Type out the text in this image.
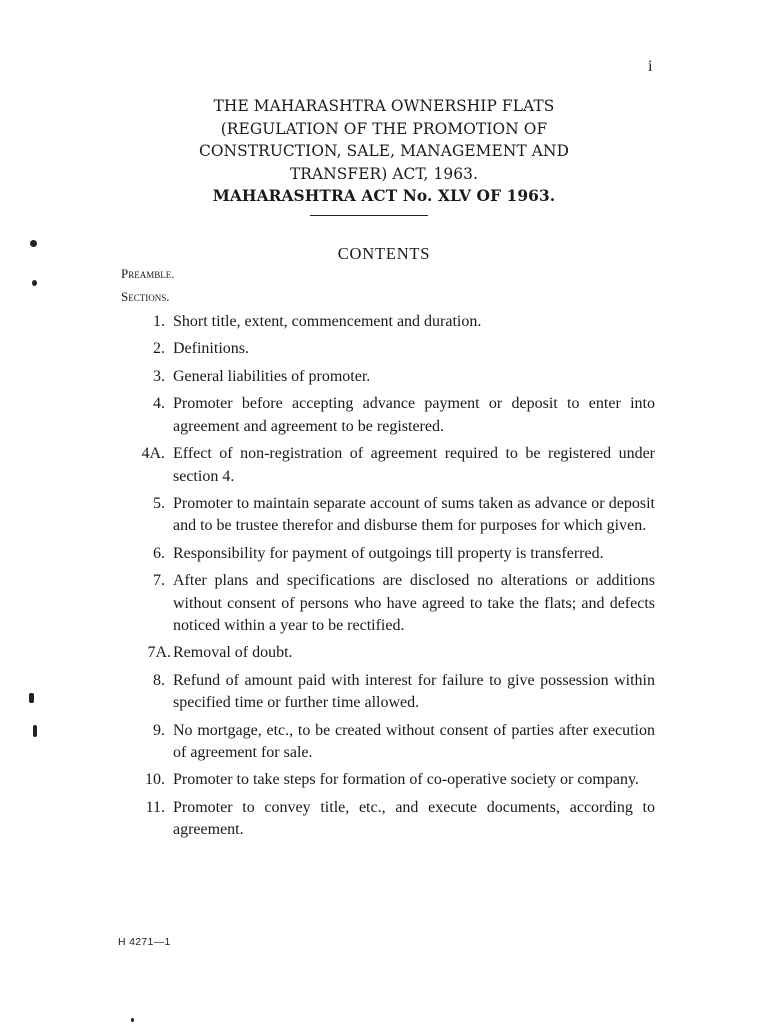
i
THE MAHARASHTRA OWNERSHIP FLATS
(REGULATION OF THE PROMOTION OF
CONSTRUCTION, SALE, MANAGEMENT AND
TRANSFER) ACT, 1963.
MAHARASHTRA ACT No. XLV OF 1963.
CONTENTS
Preamble.
Sections.
1. Short title, extent, commencement and duration.
2. Definitions.
3. General liabilities of promoter.
4. Promoter before accepting advance payment or deposit to enter into agreement and agreement to be registered.
4A. Effect of non-registration of agreement required to be registered under section 4.
5. Promoter to maintain separate account of sums taken as advance or deposit and to be trustee therefor and disburse them for purposes for which given.
6. Responsibility for payment of outgoings till property is transferred.
7. After plans and specifications are disclosed no alterations or additions without consent of persons who have agreed to take the flats; and defects noticed within a year to be rectified.
7A. Removal of doubt.
8. Refund of amount paid with interest for failure to give possession within specified time or further time allowed.
9. No mortgage, etc., to be created without consent of parties after execution of agreement for sale.
10. Promoter to take steps for formation of co-operative society or company.
11. Promoter to convey title, etc., and execute documents, according to agreement.
H 4271—1
